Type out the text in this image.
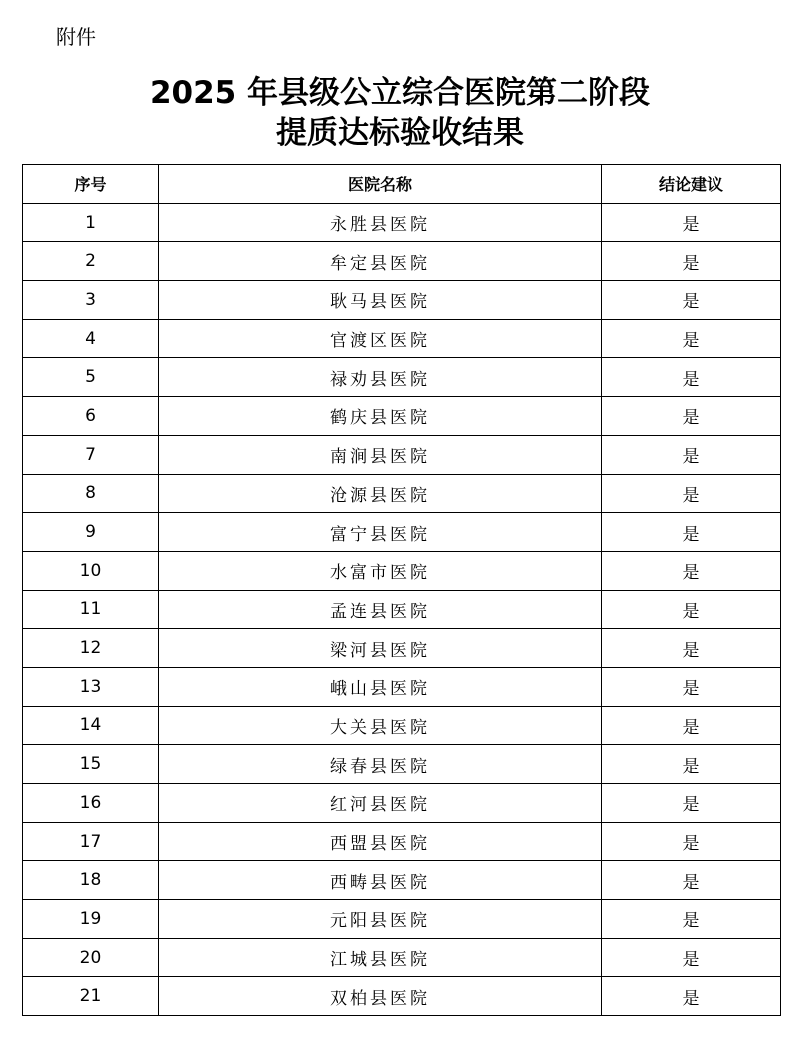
附件
2025 年县级公立综合医院第二阶段
提质达标验收结果
序号	医院名称	结论建议
1	永胜县医院	是
2	牟定县医院	是
3	耿马县医院	是
4	官渡区医院	是
5	禄劝县医院	是
6	鹤庆县医院	是
7	南涧县医院	是
8	沧源县医院	是
9	富宁县医院	是
10	水富市医院	是
11	孟连县医院	是
12	梁河县医院	是
13	峨山县医院	是
14	大关县医院	是
15	绿春县医院	是
16	红河县医院	是
17	西盟县医院	是
18	西畴县医院	是
19	元阳县医院	是
20	江城县医院	是
21	双柏县医院	是
